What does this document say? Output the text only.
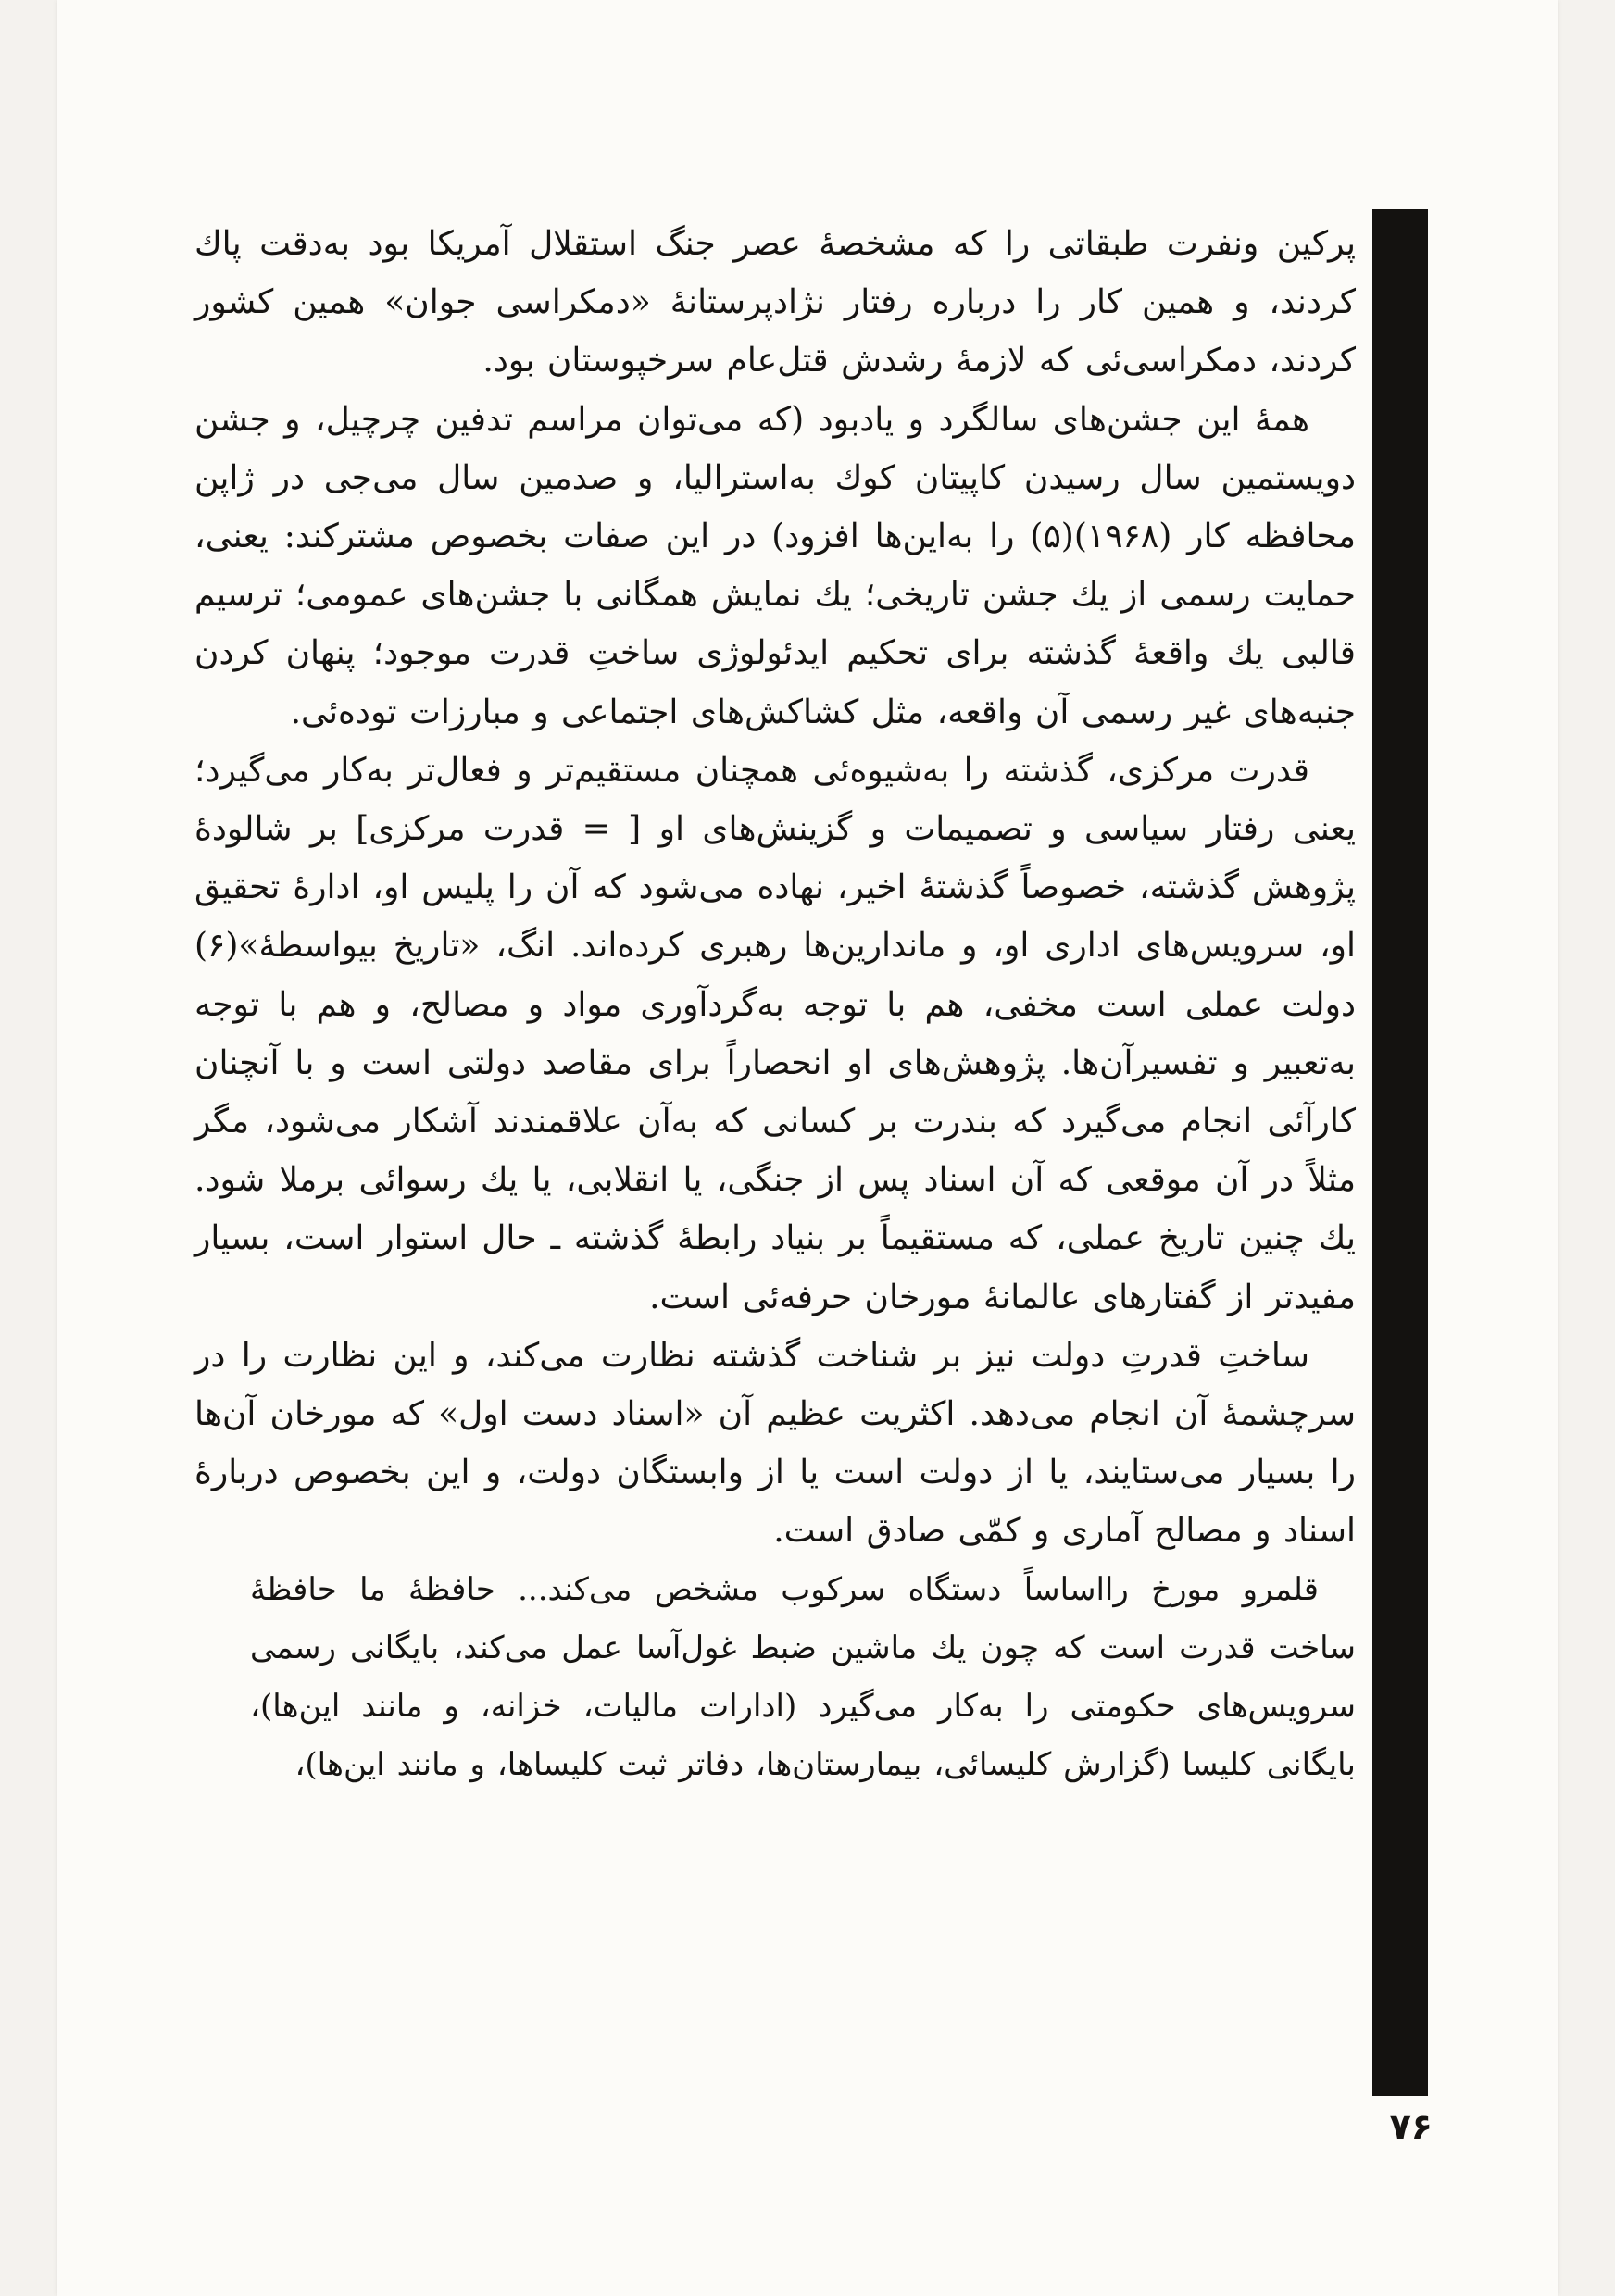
پرکین ونفرت طبقاتی را که مشخصهٔ عصر جنگ استقلال آمریکا بود به‌دقت پاك کردند، و همین کار را درباره رفتار نژادپرستانهٔ «دمکراسی جوان» همین کشور کردند، دمکراسی‌ئی که لازمهٔ رشدش قتل‌عام سرخپوستان بود.

همهٔ این جشن‌های سالگرد و یادبود (که می‌توان مراسم تدفین چرچیل، و جشن دویستمین سال رسیدن کاپیتان کوك به‌استرالیا، و صدمین سال می‌جی در ژاپن محافظه کار (۱۹۶۸)(۵) را به‌این‌ها افزود) در این صفات بخصوص مشترکند: یعنی، حمایت رسمی از یك جشن تاریخی؛ یك نمایش همگانی با جشن‌های عمومی؛ ترسیم قالبی یك واقعهٔ گذشته برای تحکیم ایدئولوژی ساختِ قدرت موجود؛ پنهان کردن جنبه‌های غیر رسمی آن واقعه، مثل کشاکش‌های اجتماعی و مبارزات توده‌ئی.

قدرت مرکزی، گذشته را به‌شیوه‌ئی همچنان مستقیم‌تر و فعال‌تر به‌کار می‌گیرد؛ یعنی رفتار سیاسی و تصمیمات و گزینش‌های او [ = قدرت مرکزی] بر شالودهٔ پژوهش گذشته، خصوصاً گذشتهٔ اخیر، نهاده می‌شود که آن را پلیس او، ادارهٔ تحقیق او، سرویس‌های اداری او، و ماندارین‌ها رهبری کرده‌اند. انگ، «تاریخ بیواسطهٔ»(۶) دولت عملی است مخفی، هم با توجه به‌گردآوری مواد و مصالح، و هم با توجه به‌تعبیر و تفسیرآن‌ها. پژوهش‌های او انحصاراً برای مقاصد دولتی است و با آنچنان کارآئی انجام می‌گیرد که بندرت بر کسانی که به‌آن علاقمندند آشکار می‌شود، مگر مثلاً در آن موقعی که آن اسناد پس از جنگی، یا انقلابی، یا یك رسوائی برملا شود. یك چنین تاریخ عملی، که مستقیماً بر بنیاد رابطهٔ گذشته ـ حال استوار است، بسیار مفیدتر از گفتارهای عالمانهٔ مورخان حرفه‌ئی است.

ساختِ قدرتِ دولت نیز بر شناخت گذشته نظارت می‌کند، و این نظارت را در سرچشمهٔ آن انجام می‌دهد. اکثریت عظیم آن «اسناد دست اول» که مورخان آن‌ها را بسیار می‌ستایند، یا از دولت است یا از وابستگان دولت، و این بخصوص دربارهٔ اسناد و مصالح آماری و کمّی صادق است.

قلمرو مورخ رااساساً دستگاه سرکوب مشخص می‌کند... حافظهٔ ما حافظهٔ ساخت قدرت است که چون یك ماشین ضبط غول‌آسا عمل می‌کند، بایگانی رسمی سرویس‌های حکومتی را به‌کار می‌گیرد (ادارات مالیات، خزانه، و مانند این‌ها)، بایگانی کلیسا (گزارش کلیسائی، بیمارستان‌ها، دفاتر ثبت کلیساها، و مانند این‌ها)،

۷۶
